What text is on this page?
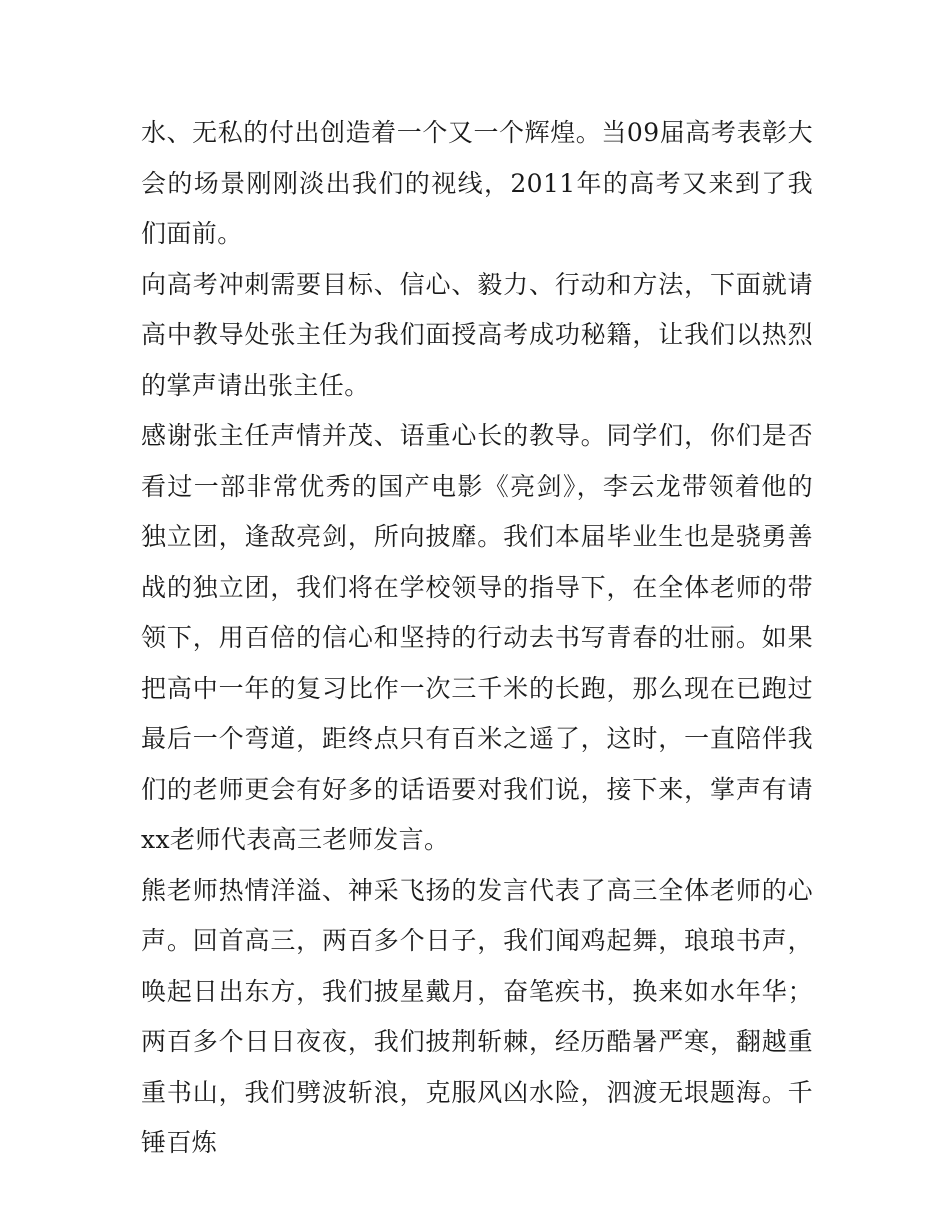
水、无私的付出创造着一个又一个辉煌。当09届高考表彰大会的场景刚刚淡出我们的视线，2011年的高考又来到了我们面前。

向高考冲刺需要目标、信心、毅力、行动和方法，下面就请高中教导处张主任为我们面授高考成功秘籍，让我们以热烈的掌声请出张主任。

感谢张主任声情并茂、语重心长的教导。同学们，你们是否看过一部非常优秀的国产电影《亮剑》，李云龙带领着他的独立团，逢敌亮剑，所向披靡。我们本届毕业生也是骁勇善战的独立团，我们将在学校领导的指导下，在全体老师的带领下，用百倍的信心和坚持的行动去书写青春的壮丽。如果把高中一年的复习比作一次三千米的长跑，那么现在已跑过最后一个弯道，距终点只有百米之遥了，这时，一直陪伴我们的老师更会有好多的话语要对我们说，接下来，掌声有请xx老师代表高三老师发言。

熊老师热情洋溢、神采飞扬的发言代表了高三全体老师的心声。回首高三，两百多个日子，我们闻鸡起舞，琅琅书声，唤起日出东方，我们披星戴月，奋笔疾书，换来如水年华；两百多个日日夜夜，我们披荆斩棘，经历酷暑严寒，翻越重重书山，我们劈波斩浪，克服风凶水险，泗渡无垠题海。千锤百炼
